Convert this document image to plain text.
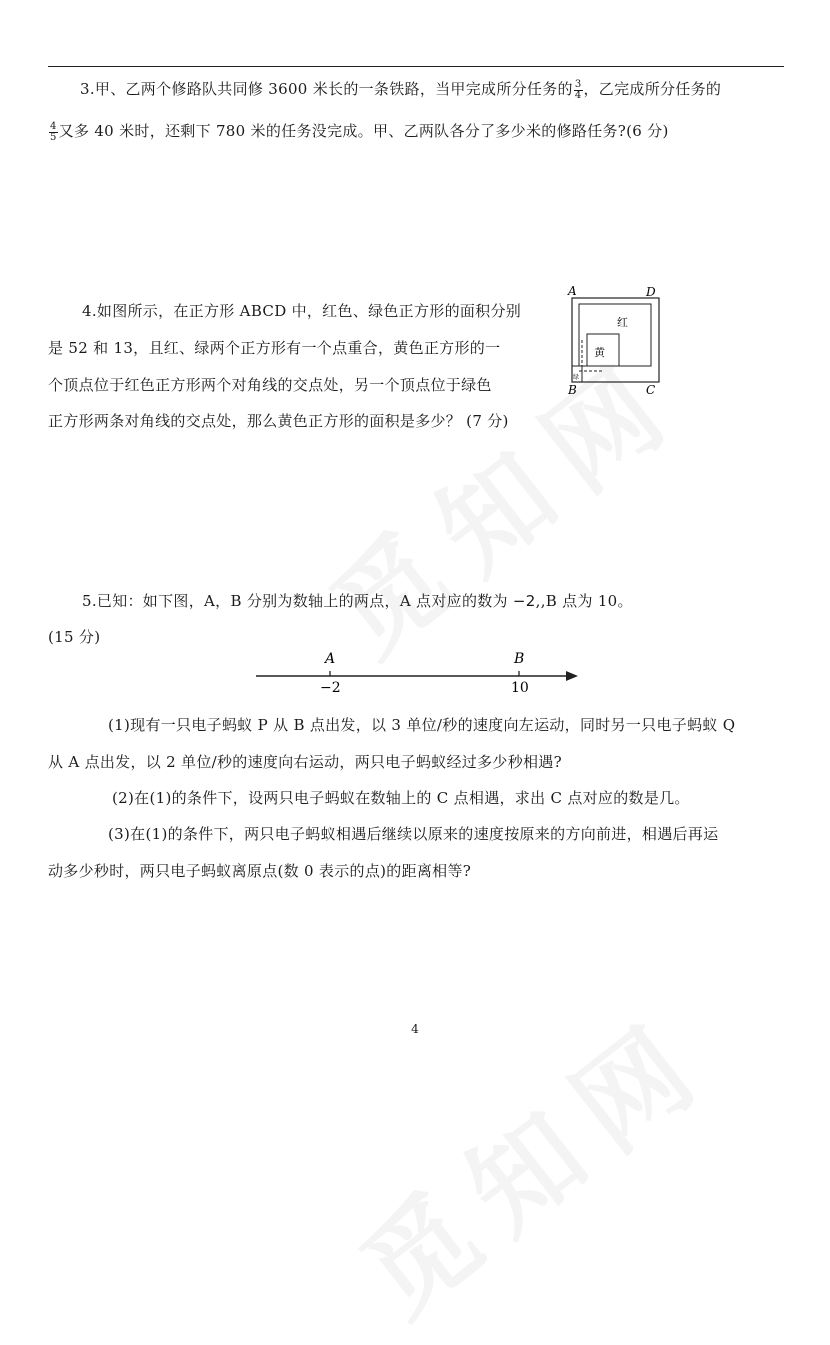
3.甲、乙两个修路队共同修 3600 米长的一条铁路，当甲完成所分任务的 $\frac{3}{4}$ ，乙完成所分任务的
$\frac{4}{5}$ 又多 40 米时，还剩下 780 米的任务没完成。甲、乙两队各分了多少米的修路任务?(6 分)
4.如图所示，在正方形 ABCD 中，红色、绿色正方形的面积分别
是 52 和 13，且红、绿两个正方形有一个点重合，黄色正方形的一
个顶点位于红色正方形两个对角线的交点处，另一个顶点位于绿色
正方形两条对角线的交点处，那么黄色正方形的面积是多少？ (7 分)
A	D
B	C
红
黄
绿
5.已知：如下图，A，B 分别为数轴上的两点，A 点对应的数为 −2,,B 点为 10。
(15 分)
A	B
−2	10
(1)现有一只电子蚂蚁 P 从 B 点出发，以 3 单位/秒的速度向左运动，同时另一只电子蚂蚁 Q
从 A 点出发，以 2 单位/秒的速度向右运动，两只电子蚂蚁经过多少秒相遇?
(2)在(1)的条件下，设两只电子蚂蚁在数轴上的 C 点相遇，求出 C 点对应的数是几。
(3)在(1)的条件下，两只电子蚂蚁相遇后继续以原来的速度按原来的方向前进，相遇后再运
动多少秒时，两只电子蚂蚁离原点(数 0 表示的点)的距离相等?
4
